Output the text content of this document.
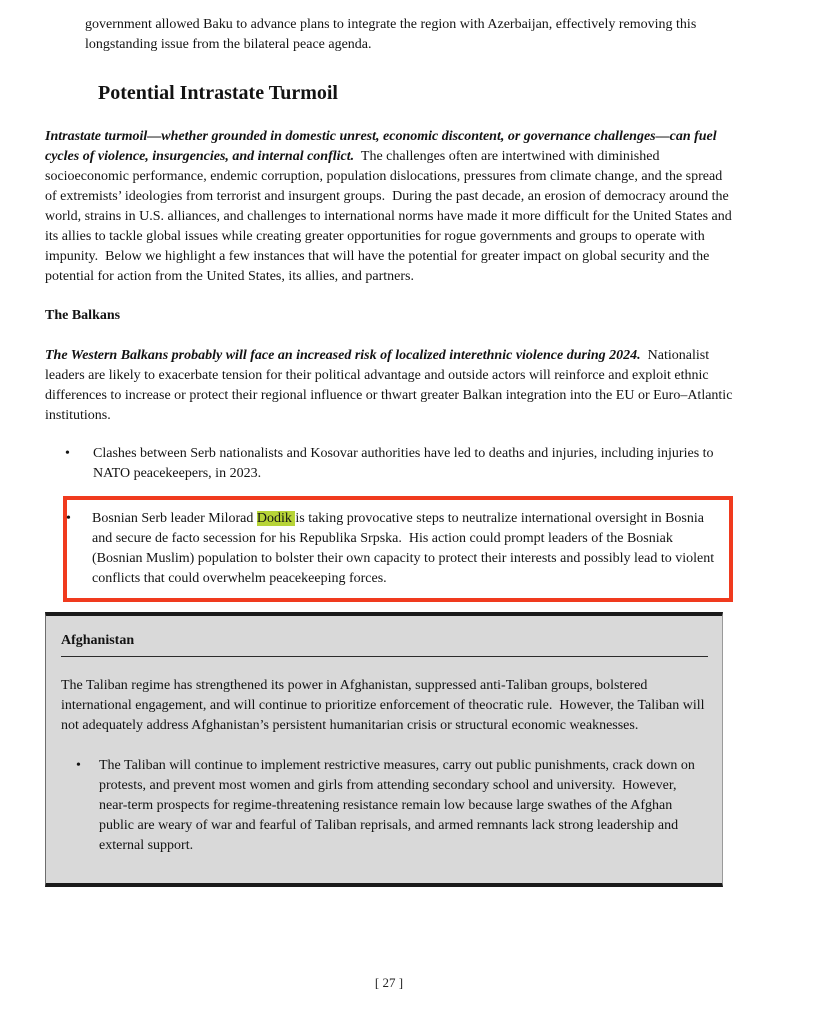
government allowed Baku to advance plans to integrate the region with Azerbaijan, effectively removing this longstanding issue from the bilateral peace agenda.

Potential Intrastate Turmoil

Intrastate turmoil—whether grounded in domestic unrest, economic discontent, or governance challenges—can fuel cycles of violence, insurgencies, and internal conflict.  The challenges often are intertwined with diminished socioeconomic performance, endemic corruption, population dislocations, pressures from climate change, and the spread of extremists’ ideologies from terrorist and insurgent groups.  During the past decade, an erosion of democracy around the world, strains in U.S. alliances, and challenges to international norms have made it more difficult for the United States and its allies to tackle global issues while creating greater opportunities for rogue governments and groups to operate with impunity.  Below we highlight a few instances that will have the potential for greater impact on global security and the potential for action from the United States, its allies, and partners.

The Balkans

The Western Balkans probably will face an increased risk of localized interethnic violence during 2024.  Nationalist leaders are likely to exacerbate tension for their political advantage and outside actors will reinforce and exploit ethnic differences to increase or protect their regional influence or thwart greater Balkan integration into the EU or Euro–Atlantic institutions.

•	Clashes between Serb nationalists and Kosovar authorities have led to deaths and injuries, including injuries to NATO peacekeepers, in 2023.
•	Bosnian Serb leader Milorad Dodik is taking provocative steps to neutralize international oversight in Bosnia and secure de facto secession for his Republika Srpska.  His action could prompt leaders of the Bosniak (Bosnian Muslim) population to bolster their own capacity to protect their interests and possibly lead to violent conflicts that could overwhelm peacekeeping forces.
Afghanistan

The Taliban regime has strengthened its power in Afghanistan, suppressed anti-Taliban groups, bolstered international engagement, and will continue to prioritize enforcement of theocratic rule.  However, the Taliban will not adequately address Afghanistan’s persistent humanitarian crisis or structural economic weaknesses.

•	The Taliban will continue to implement restrictive measures, carry out public punishments, crack down on protests, and prevent most women and girls from attending secondary school and university.  However, near-term prospects for regime-threatening resistance remain low because large swathes of the Afghan public are weary of war and fearful of Taliban reprisals, and armed remnants lack strong leadership and external support.
[ 27 ]
